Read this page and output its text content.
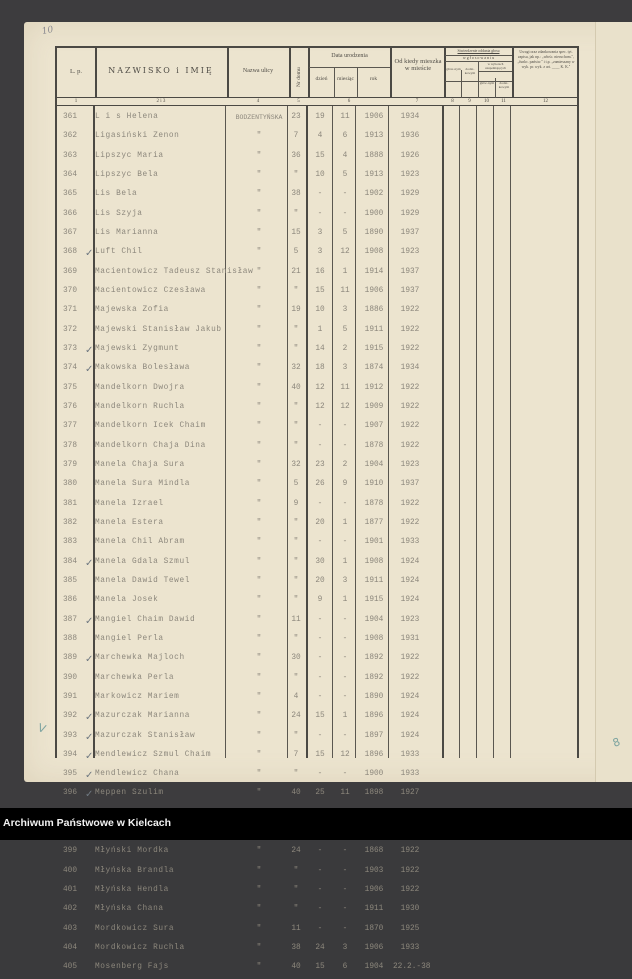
10
L. p.	NAZWISKO i IMIĘ	Nazwa ulicy	Nr domu
Data urodzenia
dzień	miesiąc	rok
Od kiedy mieszka w mieście
Stwierdzenie oddania głosu
w g ł o s o w a n i u
w wyborach uzupełniających
głów-nym	dodat-kowym
głów-nym	dodat-kowym
Uwagi oraz zdankowania spec. tyt. zapisu, jak np.: „włośc. nieruchom.", „funkc. państw." i t.p. „zamieszany w wyk. pr. wyk. z art. ____ K. K."
1	2 i 3	4	5	6	7	8	9	10	11	12
361	L i s Helena	BODZENTYŃSKA	23	19	11	1906	1934
362	Ligasiński Zenon	"	7	4	6	1913	1936
363	Lipszyc Maria	"	36	15	4	1888	1926
364	Lipszyc Bela	"	"	10	5	1913	1923
365	Lis Bela	"	38	-	-	1902	1929
366	Lis Szyja	"	"	-	-	1900	1929
367	Lis Marianna	"	15	3	5	1890	1937
368 ✓ Luft Chil	"	5	3	12	1908	1923
369	Macientowicz Tadeusz Stanisław "	21	16	1	1914	1937
370	Macientowicz Czesława	"	"	15	11	1906	1937
371	Majewska Zofia	"	19	10	3	1886	1922
372	Majewski Stanisław Jakub	"	"	1	5	1911	1922
373 ✓ Majewski Zygmunt	"	"	14	2	1915	1922
374 ✓ Makowska Bolesława	"	32	18	3	1874	1934
375	Mandelkorn Dwojra	"	40	12	11	1912	1922
376	Mandelkorn Ruchla	"	"	12	12	1909	1922
377	Mandelkorn Icek Chaim	"	"	-	-	1907	1922
378	Mandelkorn Chaja Dina	"	"	-	-	1878	1922
379	Manela Chaja Sura	"	32	23	2	1904	1923
380	Manela Sura Mindla	"	5	26	9	1910	1937
381	Manela Izrael	"	9	-	-	1878	1922
382	Manela Estera	"	"	20	1	1877	1922
383	Manela Chil Abram	"	"	-	-	1901	1933
384 ✓ Manela Gdala Szmul	"	"	30	1	1908	1924
385	Manela Dawid Tewel	"	"	20	3	1911	1924
386	Manela Josek	"	"	9	1	1915	1924
387 ✓ Mangiel Chaim Dawid	"	11	-	-	1904	1923
388	Mangiel Perla	"	"	-	-	1908	1931
389 ✓ Marchewka Majloch	"	30	-	-	1892	1922
390	Marchewka Perla	"	"	-	-	1892	1922
391	Markowicz Mariem	"	4	-	-	1890	1924
392 ✓ Mazurczak Marianna	"	24	15	1	1896	1924
393 ✓ Mazurczak Stanisław	"	"	-	-	1897	1924
394 ✓ Mendlewicz Szmul Chaim	"	7	15	12	1896	1933
395 ✓ Mendlewicz Chana	"	"	-	-	1900	1933
396 ✓ Meppen Szulim	"	40	25	11	1898	1927
399	Młyński Mordka	"	24	-	-	1868	1922
400	Młyńska Brandla	"	"	-	-	1903	1922
401	Młyńska Hendla	"	"	-	-	1906	1922
402	Młyńska Chana	"	"	-	-	1911	1930
403	Mordkowicz Sura	"	11	-	-	1870	1925
404	Mordkowicz Ruchla	"	38	24	3	1906	1933
405	Mosenberg Fajs	"	40	15	6	1904	22.2.-38
V
8
Archiwum Państwowe w Kielcach
